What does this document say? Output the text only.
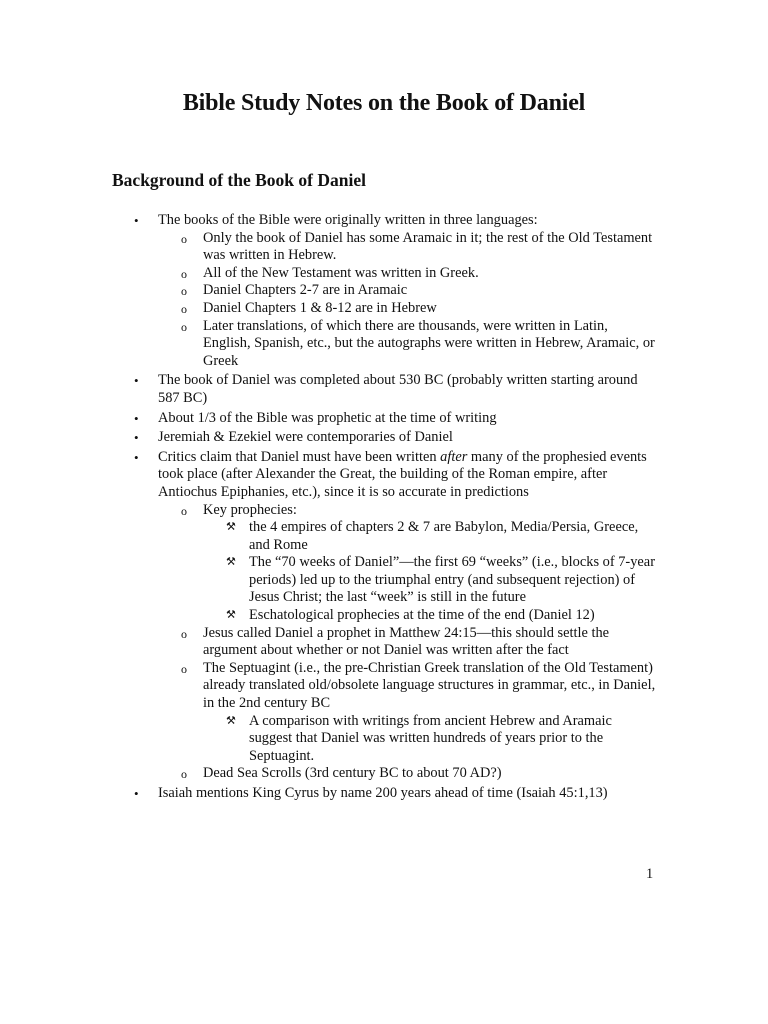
Bible Study Notes on the Book of Daniel
Background of the Book of Daniel
• The books of the Bible were originally written in three languages:
o Only the book of Daniel has some Aramaic in it; the rest of the Old Testament was written in Hebrew.
o All of the New Testament was written in Greek.
o Daniel Chapters 2-7 are in Aramaic
o Daniel Chapters 1 & 8-12 are in Hebrew
o Later translations, of which there are thousands, were written in Latin, English, Spanish, etc., but the autographs were written in Hebrew, Aramaic, or Greek
• The book of Daniel was completed about 530 BC (probably written starting around 587 BC)
• About 1/3 of the Bible was prophetic at the time of writing
• Jeremiah & Ezekiel were contemporaries of Daniel
• Critics claim that Daniel must have been written after many of the prophesied events took place (after Alexander the Great, the building of the Roman empire, after Antiochus Epiphanies, etc.), since it is so accurate in predictions
o Key prophecies:
⚒ the 4 empires of chapters 2 & 7 are Babylon, Media/Persia, Greece, and Rome
⚒ The “70 weeks of Daniel”—the first 69 “weeks” (i.e., blocks of 7-year periods) led up to the triumphal entry (and subsequent rejection) of Jesus Christ; the last “week” is still in the future
⚒ Eschatological prophecies at the time of the end (Daniel 12)
o Jesus called Daniel a prophet in Matthew 24:15—this should settle the argument about whether or not Daniel was written after the fact
o The Septuagint (i.e., the pre-Christian Greek translation of the Old Testament) already translated old/obsolete language structures in grammar, etc., in Daniel, in the 2nd century BC
⚒ A comparison with writings from ancient Hebrew and Aramaic suggest that Daniel was written hundreds of years prior to the Septuagint.
o Dead Sea Scrolls (3rd century BC to about 70 AD?)
• Isaiah mentions King Cyrus by name 200 years ahead of time (Isaiah 45:1,13)
1
